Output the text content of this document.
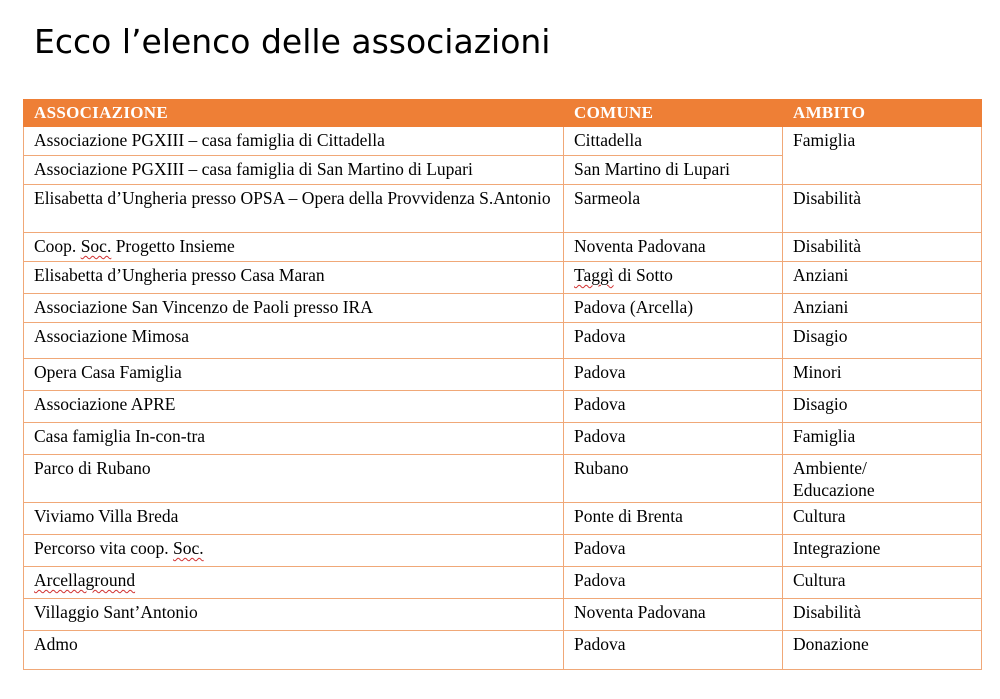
Ecco l’elenco delle associazioni
ASSOCIAZIONE	COMUNE	AMBITO
Associazione PGXIII – casa famiglia di Cittadella	Cittadella	Famiglia
Associazione PGXIII – casa famiglia di San Martino di Lupari	San Martino di Lupari	
Elisabetta d’Ungheria presso OPSA – Opera della Provvidenza S.Antonio	Sarmeola	Disabilità
Coop. Soc. Progetto Insieme	Noventa Padovana	Disabilità
Elisabetta d’Ungheria presso Casa Maran	Taggì di Sotto	Anziani
Associazione San Vincenzo de Paoli presso IRA	Padova (Arcella)	Anziani
Associazione Mimosa	Padova	Disagio
Opera Casa Famiglia	Padova	Minori
Associazione APRE	Padova	Disagio
Casa famiglia In-con-tra	Padova	Famiglia
Parco di Rubano	Rubano	Ambiente/
Educazione
Viviamo Villa Breda	Ponte di Brenta	Cultura
Percorso vita coop. Soc.	Padova	Integrazione
Arcellaground	Padova	Cultura
Villaggio Sant’Antonio	Noventa Padovana	Disabilità
Admo	Padova	Donazione
